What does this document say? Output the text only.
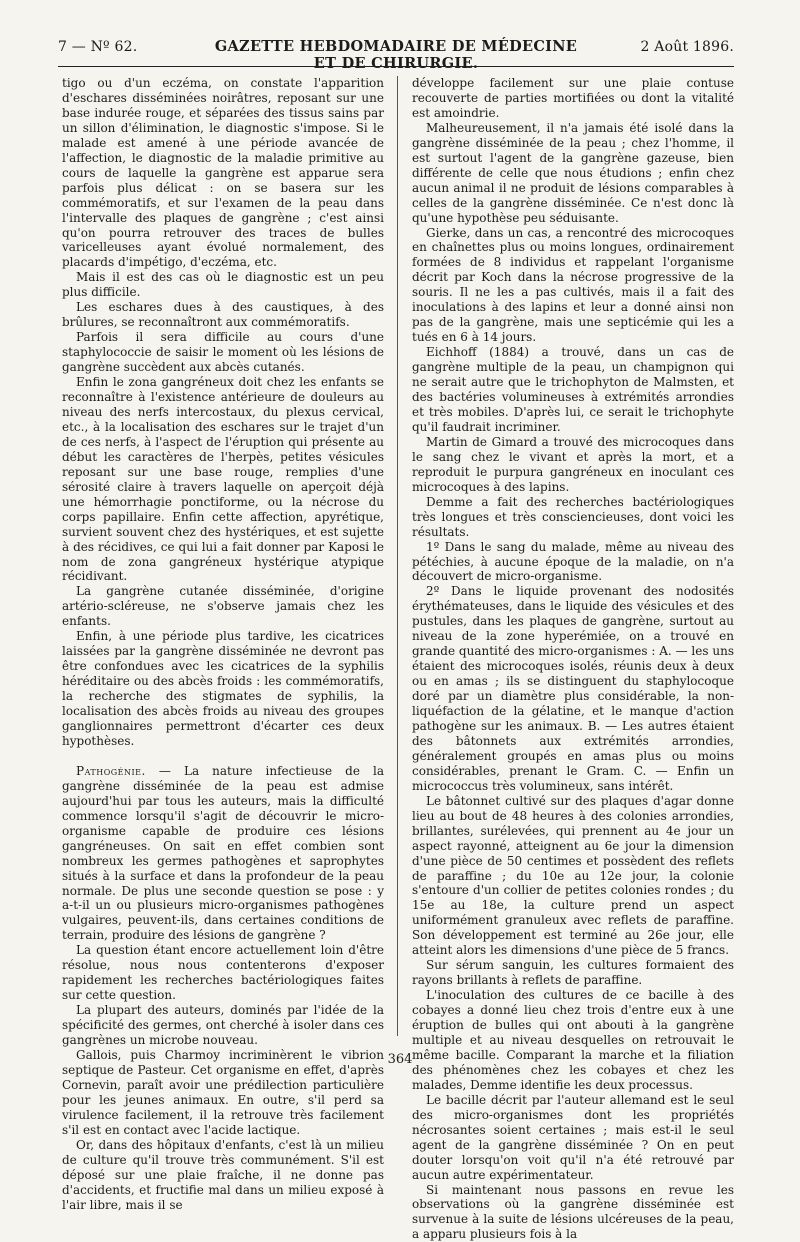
7 — Nº 62.	GAZETTE HEBDOMADAIRE DE MÉDECINE ET DE CHIRURGIE.
2 Août 1896.

tigo ou d'un eczéma, on constate l'apparition d'eschares disséminées noirâtres, reposant sur une base indurée rouge, et séparées des tissus sains par un sillon d'élimination, le diagnostic s'impose. Si le malade est amené à une période avancée de l'affection, le diagnostic de la maladie primitive au cours de laquelle la gangrène est apparue sera parfois plus délicat : on se basera sur les commémoratifs, et sur l'examen de la peau dans l'intervalle des plaques de gangrène ; c'est ainsi qu'on pourra retrouver des traces de bulles varicelleuses ayant évolué normalement, des placards d'impétigo, d'eczéma, etc.

Mais il est des cas où le diagnostic est un peu plus difficile.

Les eschares dues à des caustiques, à des brûlures, se reconnaîtront aux commémoratifs.

Parfois il sera difficile au cours d'une staphylococcie de saisir le moment où les lésions de gangrène succèdent aux abcès cutanés.

Enfin le zona gangréneux doit chez les enfants se reconnaître à l'existence antérieure de douleurs au niveau des nerfs intercostaux, du plexus cervical, etc., à la localisation des eschares sur le trajet d'un de ces nerfs, à l'aspect de l'éruption qui présente au début les caractères de l'herpès, petites vésicules reposant sur une base rouge, remplies d'une sérosité claire à travers laquelle on aperçoit déjà une hémorrhagie ponctiforme, ou la nécrose du corps papillaire. Enfin cette affection, apyrétique, survient souvent chez des hystériques, et est sujette à des récidives, ce qui lui a fait donner par Kaposi le nom de zona gangréneux hystérique atypique récidivant.

La gangrène cutanée disséminée, d'origine artério-scléreuse, ne s'observe jamais chez les enfants.

Enfin, à une période plus tardive, les cicatrices laissées par la gangrène disséminée ne devront pas être confondues avec les cicatrices de la syphilis héréditaire ou des abcès froids : les commémoratifs, la recherche des stigmates de syphilis, la localisation des abcès froids au niveau des groupes ganglionnaires permettront d'écarter ces deux hypothèses.

Pathogénie. — La nature infectieuse de la gangrène disséminée de la peau est admise aujourd'hui par tous les auteurs, mais la difficulté commence lorsqu'il s'agit de découvrir le micro-organisme capable de produire ces lésions gangréneuses. On sait en effet combien sont nombreux les germes pathogènes et saprophytes situés à la surface et dans la profondeur de la peau normale. De plus une seconde question se pose : y a-t-il un ou plusieurs micro-organismes pathogènes vulgaires, peuvent-ils, dans certaines conditions de terrain, produire des lésions de gangrène ?

La question étant encore actuellement loin d'être résolue, nous nous contenterons d'exposer rapidement les recherches bactériologiques faites sur cette question.

La plupart des auteurs, dominés par l'idée de la spécificité des germes, ont cherché à isoler dans ces gangrènes un microbe nouveau.

Gallois, puis Charmoy incriminèrent le vibrion septique de Pasteur. Cet organisme en effet, d'après Cornevin, paraît avoir une prédilection particulière pour les jeunes animaux. En outre, s'il perd sa virulence facilement, il la retrouve très facilement s'il est en contact avec l'acide lactique.

Or, dans des hôpitaux d'enfants, c'est là un milieu de culture qu'il trouve très communément. S'il est déposé sur une plaie fraîche, il ne donne pas d'accidents, et fructifie mal dans un milieu exposé à l'air libre, mais il se

développe facilement sur une plaie contuse recouverte de parties mortifiées ou dont la vitalité est amoindrie.

Malheureusement, il n'a jamais été isolé dans la gangrène disséminée de la peau ; chez l'homme, il est surtout l'agent de la gangrène gazeuse, bien différente de celle que nous étudions ; enfin chez aucun animal il ne produit de lésions comparables à celles de la gangrène disséminée. Ce n'est donc là qu'une hypothèse peu séduisante.

Gierke, dans un cas, a rencontré des microcoques en chaînettes plus ou moins longues, ordinairement formées de 8 individus et rappelant l'organisme décrit par Koch dans la nécrose progressive de la souris. Il ne les a pas cultivés, mais il a fait des inoculations à des lapins et leur a donné ainsi non pas de la gangrène, mais une septicémie qui les a tués en 6 à 14 jours.

Eichhoff (1884) a trouvé, dans un cas de gangrène multiple de la peau, un champignon qui ne serait autre que le trichophyton de Malmsten, et des bactéries volumineuses à extrémités arrondies et très mobiles. D'après lui, ce serait le trichophyte qu'il faudrait incriminer.

Martin de Gimard a trouvé des microcoques dans le sang chez le vivant et après la mort, et a reproduit le purpura gangréneux en inoculant ces microcoques à des lapins.

Demme a fait des recherches bactériologiques très longues et très consciencieuses, dont voici les résultats.

1º Dans le sang du malade, même au niveau des pétéchies, à aucune époque de la maladie, on n'a découvert de micro-organisme.

2º Dans le liquide provenant des nodosités érythémateuses, dans le liquide des vésicules et des pustules, dans les plaques de gangrène, surtout au niveau de la zone hyperémiée, on a trouvé en grande quantité des micro-organismes : A. — les uns étaient des microcoques isolés, réunis deux à deux ou en amas ; ils se distinguent du staphylocoque doré par un diamètre plus considérable, la non-liquéfaction de la gélatine, et le manque d'action pathogène sur les animaux. B. — Les autres étaient des bâtonnets aux extrémités arrondies, généralement groupés en amas plus ou moins considérables, prenant le Gram. C. — Enfin un micrococcus très volumineux, sans intérêt.

Le bâtonnet cultivé sur des plaques d'agar donne lieu au bout de 48 heures à des colonies arrondies, brillantes, surélevées, qui prennent au 4e jour un aspect rayonné, atteignent au 6e jour la dimension d'une pièce de 50 centimes et possèdent des reflets de paraffine ; du 10e au 12e jour, la colonie s'entoure d'un collier de petites colonies rondes ; du 15e au 18e, la culture prend un aspect uniformément granuleux avec reflets de paraffine. Son développement est terminé au 26e jour, elle atteint alors les dimensions d'une pièce de 5 francs.

Sur sérum sanguin, les cultures formaient des rayons brillants à reflets de paraffine.

L'inoculation des cultures de ce bacille à des cobayes a donné lieu chez trois d'entre eux à une éruption de bulles qui ont abouti à la gangrène multiple et au niveau desquelles on retrouvait le même bacille. Comparant la marche et la filiation des phénomènes chez les cobayes et chez les malades, Demme identifie les deux processus.

Le bacille décrit par l'auteur allemand est le seul des micro-organismes dont les propriétés nécrosantes soient certaines ; mais est-il le seul agent de la gangrène disséminée ? On en peut douter lorsqu'on voit qu'il n'a été retrouvé par aucun autre expérimentateur.

Si maintenant nous passons en revue les observations où la gangrène disséminée est survenue à la suite de lésions ulcéreuses de la peau, a apparu plusieurs fois à la

364
